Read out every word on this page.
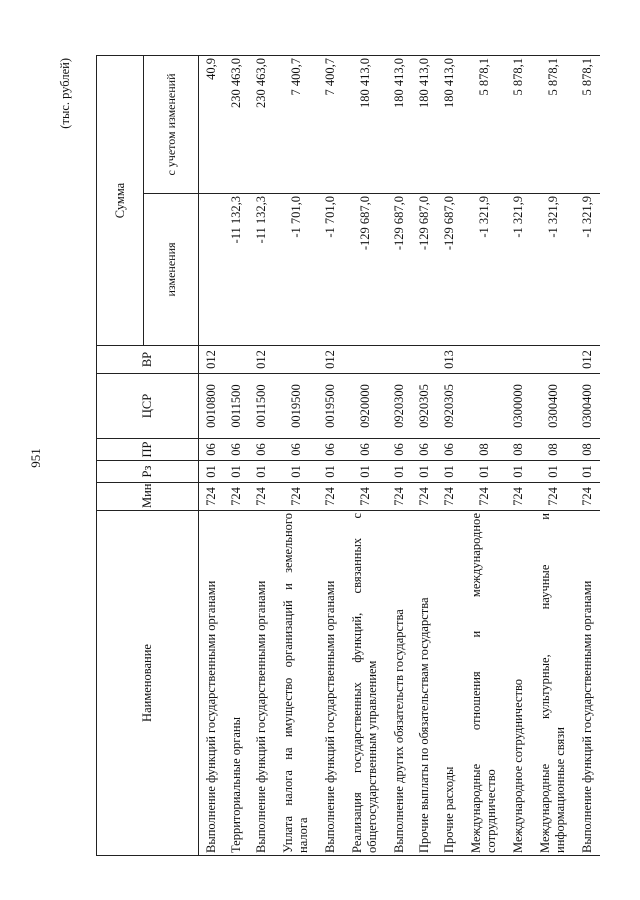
951
(тыс. рублей)
Наименование	Мин	Рз	ПР	ЦСР	ВР	Сумма	
						изменения	с учетом изменений
Выполнение функций государственными органами	724	01	06	0010800	012		40,9
Территориальные органы	724	01	06	0011500		-11 132,3	230 463,0
Выполнение функций государственными органами	724	01	06	0011500	012	-11 132,3	230 463,0
Уплата налога на имущество организаций и земельного налога	724	01	06	0019500		-1 701,0	7 400,7
Выполнение функций государственными органами	724	01	06	0019500	012	-1 701,0	7 400,7
Реализация государственных функций, связанных с общегосударственным управлением	724	01	06	0920000		-129 687,0	180 413,0
Выполнение других обязательств государства	724	01	06	0920300		-129 687,0	180 413,0
Прочие выплаты по обязательствам государства	724	01	06	0920305		-129 687,0	180 413,0
Прочие расходы	724	01	06	0920305	013	-129 687,0	180 413,0
Международные отношения и международное сотрудничество	724	01	08			-1 321,9	5 878,1
Международное сотрудничество	724	01	08	0300000		-1 321,9	5 878,1
Международные культурные, научные и информационные связи	724	01	08	0300400		-1 321,9	5 878,1
Выполнение функций государственными органами	724	01	08	0300400	012	-1 321,9	5 878,1
